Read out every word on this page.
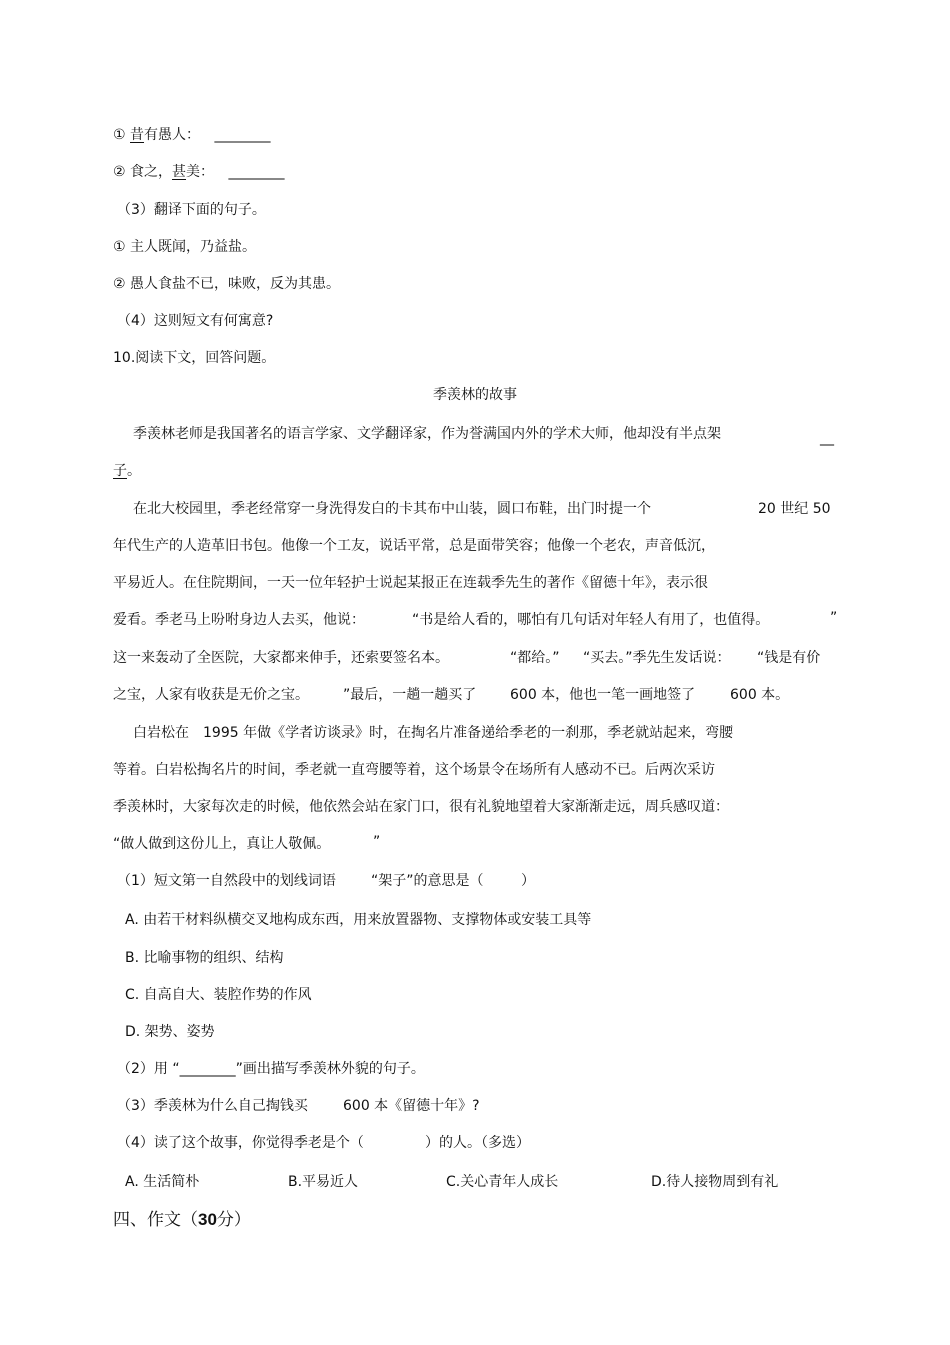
① 昔有愚人： ________
② 食之，甚美： ________
（3）翻译下面的句子。
① 主人既闻，乃益盐。
② 愚人食盐不已，味败，反为其患。
（4）这则短文有何寓意?
10.阅读下文，回答问题。
季羡林的故事
季羡林老师是我国著名的语言学家、文学翻译家，作为誉满国内外的学术大师，他却没有半点架	__
子。
在北大校园里，季老经常穿一身洗得发白的卡其布中山装，圆口布鞋，出门时提一个	20 世纪 50
年代生产的人造革旧书包。他像一个工友，说话平常，总是面带笑容；他像一个老农，声音低沉，
平易近人。在住院期间，一天一位年轻护士说起某报正在连载季先生的著作《留德十年》，表示很
爱看。季老马上吩咐身边人去买，他说：	“书是给人看的，哪怕有几句话对年轻人有用了，也值得。	”
这一来轰动了全医院，大家都来伸手，还索要签名本。	“都给。” “买去。”季先生发话说： “钱是有价
之宝，人家有收获是无价之宝。 ”最后，一趟一趟买了 600 本，他也一笔一画地签了 600 本。
白岩松在 1995 年做《学者访谈录》时，在掏名片准备递给季老的一刹那，季老就站起来，弯腰
等着。白岩松掏名片的时间，季老就一直弯腰等着，这个场景令在场所有人感动不已。后两次采访
季羡林时，大家每次走的时候，他依然会站在家门口，很有礼貌地望着大家渐渐走远，周兵感叹道：
“做人做到这份儿上，真让人敬佩。	”
（1）短文第一自然段中的划线词语	“架子”的意思是（	）
A. 由若干材料纵横交叉地构成东西，用来放置器物、支撑物体或安装工具等
B. 比喻事物的组织、结构
C. 自高自大、装腔作势的作风
D. 架势、姿势
（2）用 “________”画出描写季羡林外貌的句子。
（3）季羡林为什么自己掏钱买	600 本《留德十年》?
（4）读了这个故事，你觉得季老是个（	）的人。（多选）
A. 生活简朴	B.平易近人	C.关心青年人成长	D.待人接物周到有礼
四、作文（30分）
